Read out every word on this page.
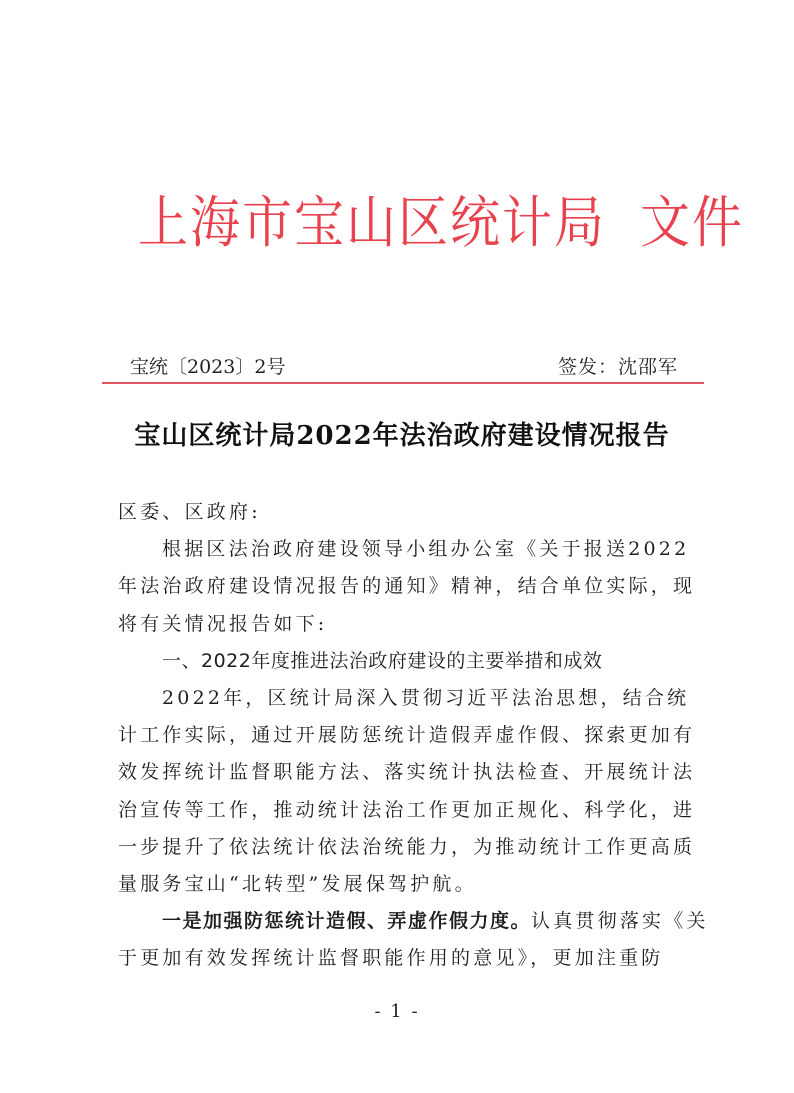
上海市宝山区统计局 文件
宝统〔2023〕2号	签发：沈邵军
宝山区统计局2022年法治政府建设情况报告

区委、区政府:

根据区法治政府建设领导小组办公室《关于报送2022年法治政府建设情况报告的通知》精神，结合单位实际，现将有关情况报告如下:

一、2022年度推进法治政府建设的主要举措和成效

2022年，区统计局深入贯彻习近平法治思想，结合统计工作实际，通过开展防惩统计造假弄虚作假、探索更加有效发挥统计监督职能方法、落实统计执法检查、开展统计法治宣传等工作，推动统计法治工作更加正规化、科学化，进一步提升了依法统计依法治统能力，为推动统计工作更高质量服务宝山“北转型”发展保驾护航。

一是加强防惩统计造假、弄虚作假力度。认真贯彻落实《关于更加有效发挥统计监督职能作用的意见》，更加注重防

- 1 -
